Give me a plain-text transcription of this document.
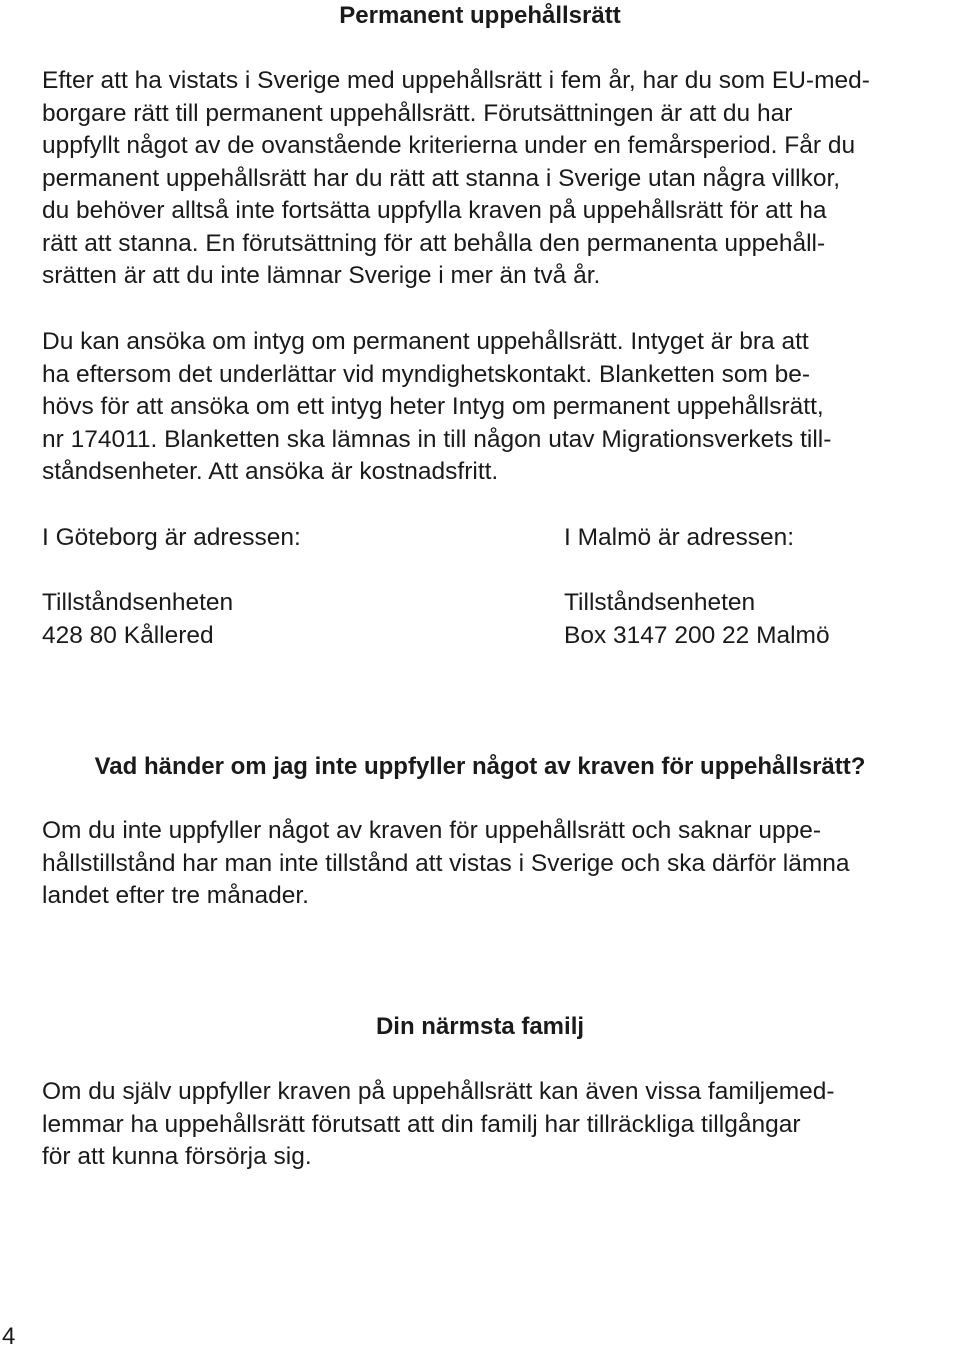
Permanent uppehållsrätt

Efter att ha vistats i Sverige med uppehållsrätt i fem år, har du som EU-med-
borgare rätt till permanent uppehållsrätt. Förutsättningen är att du har
uppfyllt något av de ovanstående kriterierna under en femårsperiod. Får du
permanent uppehållsrätt har du rätt att stanna i Sverige utan några villkor,
du behöver alltså inte fortsätta uppfylla kraven på uppehållsrätt för att ha
rätt att stanna. En förutsättning för att behålla den permanenta uppehåll-
srätten är att du inte lämnar Sverige i mer än två år.

Du kan ansöka om intyg om permanent uppehållsrätt. Intyget är bra att
ha eftersom det underlättar vid myndighetskontakt. Blanketten som be-
hövs för att ansöka om ett intyg heter Intyg om permanent uppehållsrätt,
nr 174011. Blanketten ska lämnas in till någon utav Migrationsverkets till-
ståndsenheter. Att ansöka är kostnadsfritt.

I Göteborg är adressen:

Tillståndsenheten
428 80 Kållered

I Malmö är adressen:

Tillståndsenheten
Box 3147 200 22 Malmö

Vad händer om jag inte uppfyller något av kraven för uppehållsrätt?

Om du inte uppfyller något av kraven för uppehållsrätt och saknar uppe-
hållstillstånd har man inte tillstånd att vistas i Sverige och ska därför lämna
landet efter tre månader.

Din närmsta familj

Om du själv uppfyller kraven på uppehållsrätt kan även vissa familjemed-
lemmar ha uppehållsrätt förutsatt att din familj har tillräckliga tillgångar
för att kunna försörja sig.

4
